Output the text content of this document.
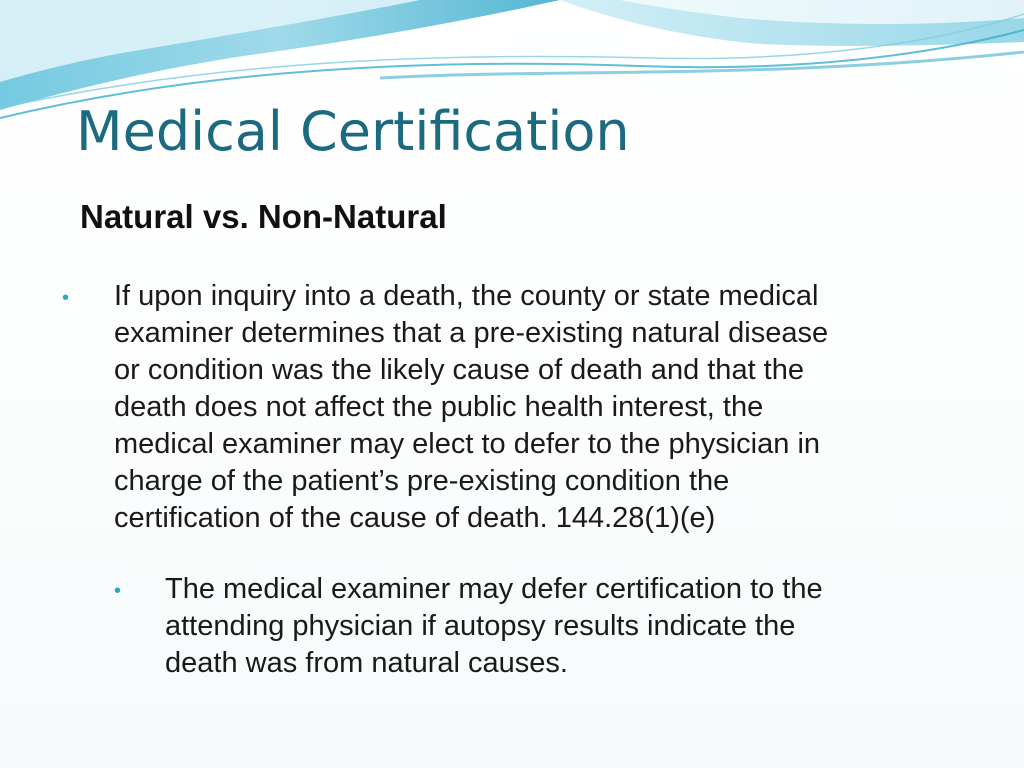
Medical Certification
Natural vs. Non-Natural
• If upon inquiry into a death, the county or state medical
examiner determines that a pre-existing natural disease
or condition was the likely cause of death and that the
death does not affect the public health interest, the
medical examiner may elect to defer to the physician in
charge of the patient’s pre-existing condition the
certification of the cause of death. 144.28(1)(e)
• The medical examiner may defer certification to the
attending physician if autopsy results indicate the
death was from natural causes.
